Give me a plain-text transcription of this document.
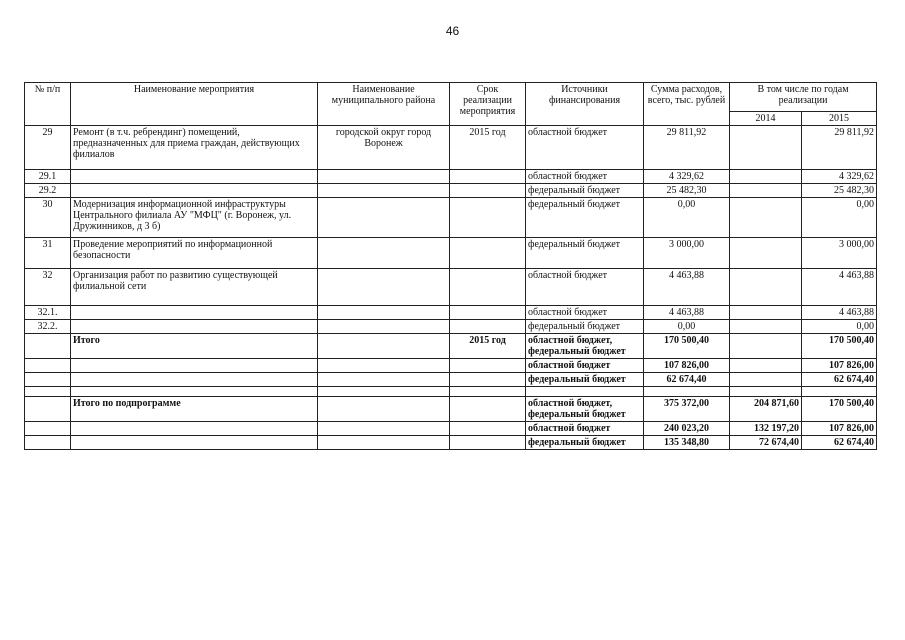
46
№ п/п	Наименование мероприятия	Наименование муниципального района	Срок реализации мероприятия	Источники финансирования	Сумма расходов, всего, тыс. рублей	В том числе по годам реализации	
						2014	2015
29	Ремонт (в т.ч. ребрендинг) помещений, предназначенных для приема граждан, действующих филиалов	городской округ город Воронеж	2015 год	областной бюджет	29 811,92		29 811,92
29.1				областной бюджет	4 329,62		4 329,62
29.2				федеральный бюджет	25 482,30		25 482,30
30	Модернизация информационной инфраструктуры Центрального филиала АУ "МФЦ" (г. Воронеж, ул. Дружинников, д 3 б)			федеральный бюджет	0,00		0,00
31	Проведение мероприятий по информационной безопасности			федеральный бюджет	3 000,00		3 000,00
32	Организация работ по развитию существующей филиальной сети			областной бюджет	4 463,88		4 463,88
32.1.				областной бюджет	4 463,88		4 463,88
32.2.				федеральный бюджет	0,00		0,00
	Итого		2015 год	областной бюджет, федеральный бюджет	170 500,40		170 500,40
				областной бюджет	107 826,00		107 826,00
				федеральный бюджет	62 674,40		62 674,40

	Итого по подпрограмме			областной бюджет, федеральный бюджет	375 372,00	204 871,60	170 500,40
				областной бюджет	240 023,20	132 197,20	107 826,00
				федеральный бюджет	135 348,80	72 674,40	62 674,40
